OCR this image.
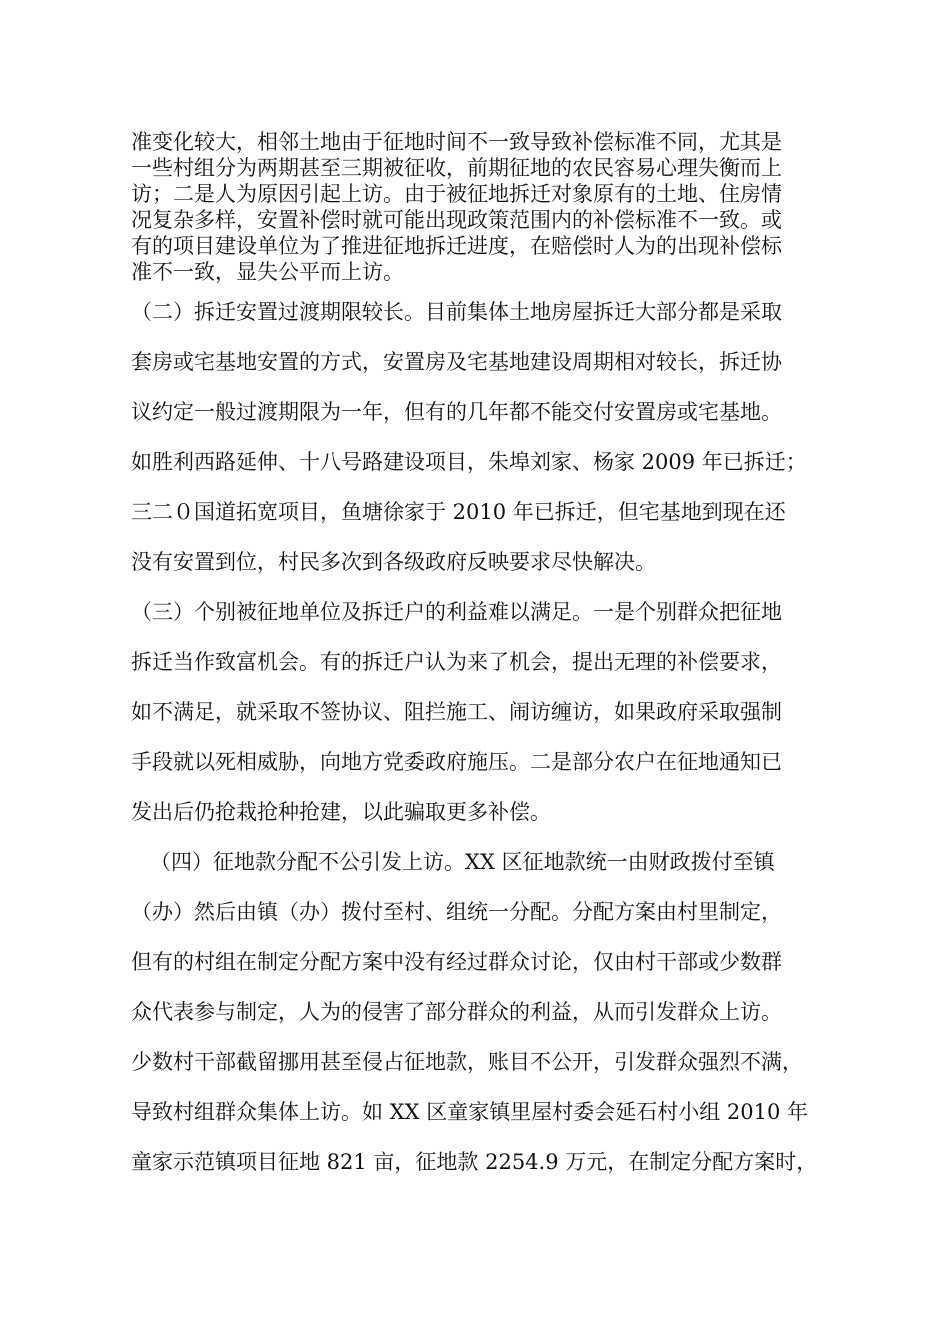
准变化较大，相邻土地由于征地时间不一致导致补偿标准不同，尤其是
一些村组分为两期甚至三期被征收，前期征地的农民容易心理失衡而上
访；二是人为原因引起上访。由于被征地拆迁对象原有的土地、住房情
况复杂多样，安置补偿时就可能出现政策范围内的补偿标准不一致。或
有的项目建设单位为了推进征地拆迁进度，在赔偿时人为的出现补偿标
准不一致，显失公平而上访。
（二）拆迁安置过渡期限较长。目前集体土地房屋拆迁大部分都是采取
套房或宅基地安置的方式，安置房及宅基地建设周期相对较长，拆迁协
议约定一般过渡期限为一年，但有的几年都不能交付安置房或宅基地。
如胜利西路延伸、十八号路建设项目，朱埠刘家、杨家 2009 年已拆迁；
三二０国道拓宽项目，鱼塘徐家于 2010 年已拆迁，但宅基地到现在还
没有安置到位，村民多次到各级政府反映要求尽快解决。
（三）个别被征地单位及拆迁户的利益难以满足。一是个别群众把征地
拆迁当作致富机会。有的拆迁户认为来了机会，提出无理的补偿要求，
如不满足，就采取不签协议、阻拦施工、闹访缠访，如果政府采取强制
手段就以死相威胁，向地方党委政府施压。二是部分农户在征地通知已
发出后仍抢栽抢种抢建，以此骗取更多补偿。
（四）征地款分配不公引发上访。XX 区征地款统一由财政拨付至镇
（办）然后由镇（办）拨付至村、组统一分配。分配方案由村里制定，
但有的村组在制定分配方案中没有经过群众讨论，仅由村干部或少数群
众代表参与制定，人为的侵害了部分群众的利益，从而引发群众上访。
少数村干部截留挪用甚至侵占征地款，账目不公开，引发群众强烈不满，
导致村组群众集体上访。如 XX 区童家镇里屋村委会延石村小组 2010 年
童家示范镇项目征地 821 亩，征地款 2254.9 万元，在制定分配方案时，
